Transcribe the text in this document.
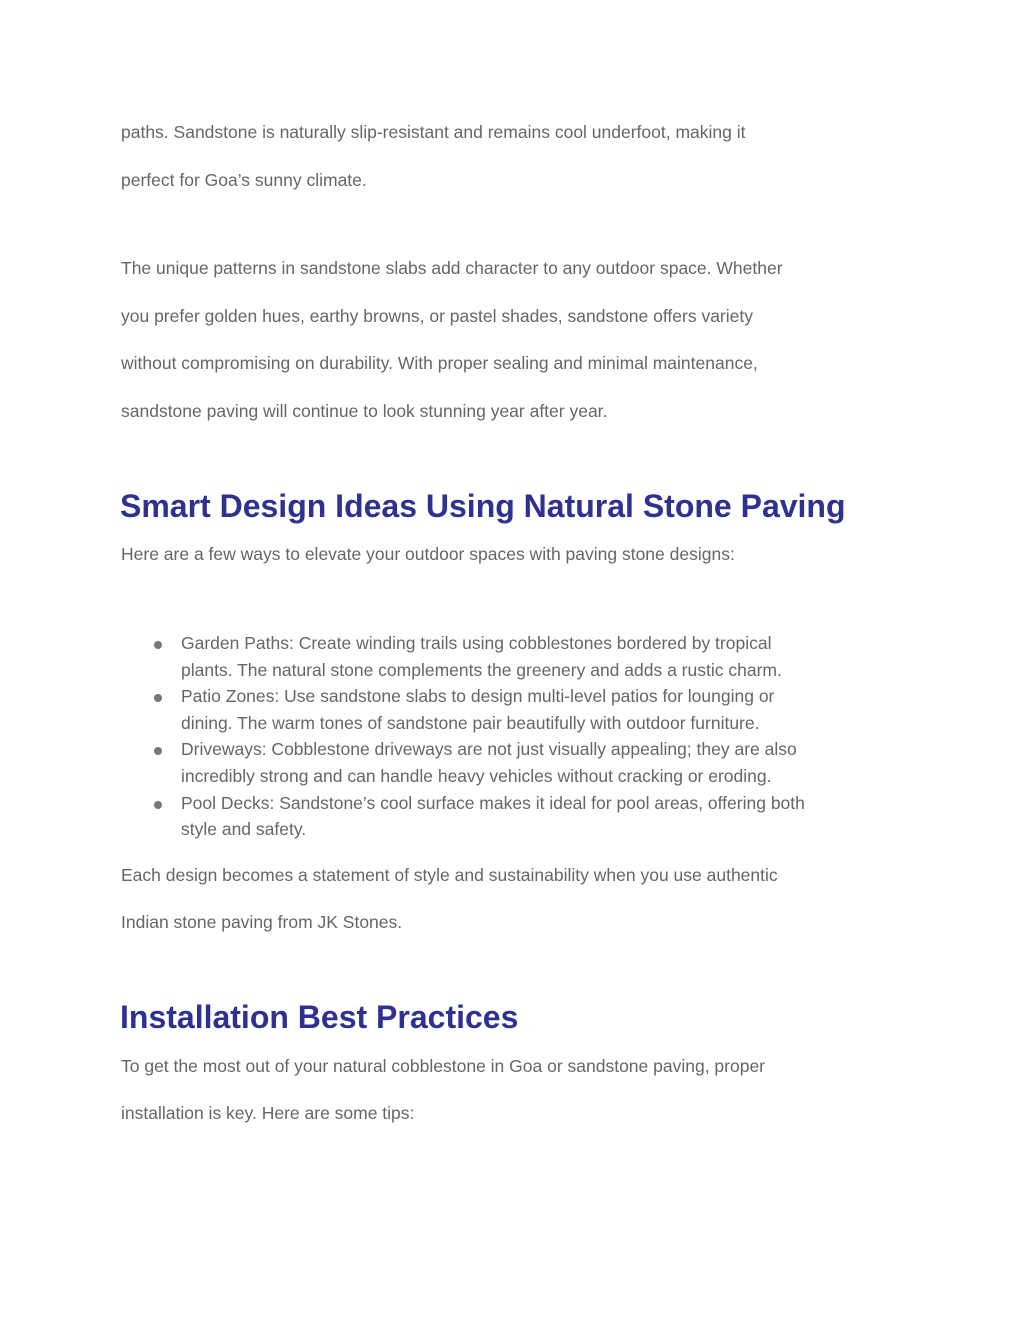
paths. Sandstone is naturally slip-resistant and remains cool underfoot, making it
perfect for Goa’s sunny climate.
The unique patterns in sandstone slabs add character to any outdoor space. Whether
you prefer golden hues, earthy browns, or pastel shades, sandstone offers variety
without compromising on durability. With proper sealing and minimal maintenance,
sandstone paving will continue to look stunning year after year.
Smart Design Ideas Using Natural Stone Paving
Here are a few ways to elevate your outdoor spaces with paving stone designs:
Garden Paths: Create winding trails using cobblestones bordered by tropical
plants. The natural stone complements the greenery and adds a rustic charm.
Patio Zones: Use sandstone slabs to design multi-level patios for lounging or
dining. The warm tones of sandstone pair beautifully with outdoor furniture.
Driveways: Cobblestone driveways are not just visually appealing; they are also
incredibly strong and can handle heavy vehicles without cracking or eroding.
Pool Decks: Sandstone’s cool surface makes it ideal for pool areas, offering both
style and safety.
Each design becomes a statement of style and sustainability when you use authentic
Indian stone paving from JK Stones.
Installation Best Practices
To get the most out of your natural cobblestone in Goa or sandstone paving, proper
installation is key. Here are some tips:
